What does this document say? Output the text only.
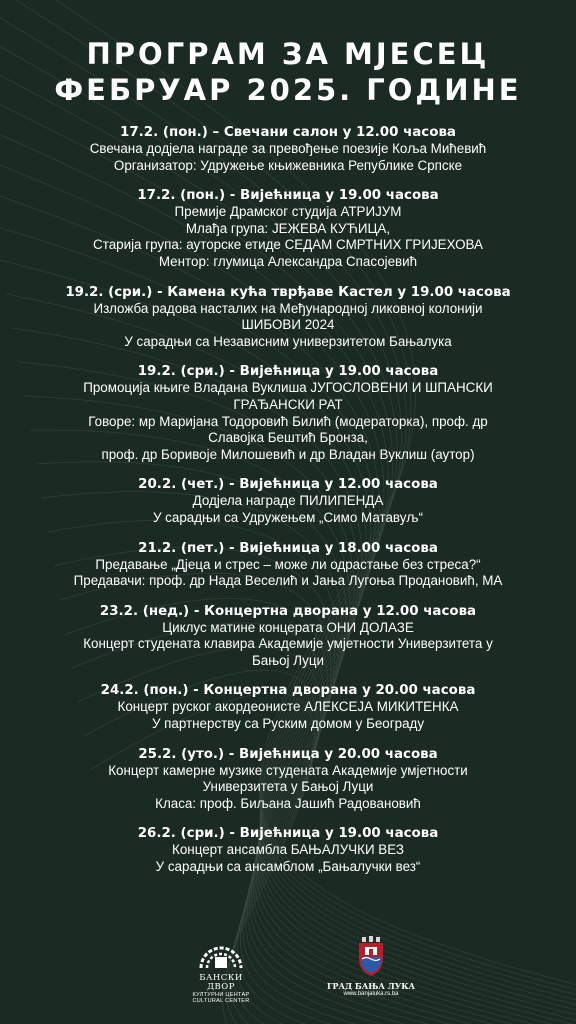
ПРОГРАМ ЗА МЈЕСЕЦ
ФЕБРУАР 2025. ГОДИНЕ
17.2. (пон.) – Свечани салон у 12.00 часова
Свечана додјела награде за превођење поезије Коља Мићевић
Организатор: Удружење књижевника Републике Српске
17.2. (пон.) - Вијећница у 19.00 часова
Премијe Драмског студија АТРИЈУМ
Млађа група: ЈЕЖЕВА КУЋИЦА,
Старија група: ауторске етиде СЕДАМ СМРТНИХ ГРИЈЕХОВА
Ментор: глумица Александра Спасојевић
19.2. (сри.) - Камена кућа тврђаве Кастел у 19.00 часова
Изложба радова насталих на Међународној ликовној колонији
ШИБОВИ 2024
У сарадњи са Независним универзитетом Бањалука
19.2. (сри.) - Вијећница у 19.00 часова
Промоција књиге Владана Вуклиша ЈУГОСЛОВЕНИ И ШПАНСКИ
ГРАЂАНСКИ РАТ
Говоре: мр Маријана Тодоровић Билић (модераторка), проф. др
Славојка Бештић Бронза,
проф. др Боривоје Милошевић и др Владан Вуклиш (аутор)
20.2. (чет.) - Вијећница у 12.00 часова
Додјела награде ПИЛИПЕНДА
У сарадњи са Удружењем „Симо Матавуљ“
21.2. (пет.) - Вијећница у 18.00 часова
Предавање „Дјеца и стрес – може ли одрастање без стреса?“
Предавачи: проф. др Нада Веселић и Јања Лугоња Продановић, МА
23.2. (нед.) - Концертна дворана у 12.00 часова
Циклус матине концерата ОНИ ДОЛАЗЕ
Концерт студената клавира Академије умјетности Универзитета у
Бањој Луци
24.2. (пон.) - Концертна дворана у 20.00 часова
Концерт руског акордеонисте АЛЕКСЕЈА МИКИТЕНКА
У партнерству са Руским домом у Београду
25.2. (уто.) - Вијећница у 20.00 часова
Концерт камерне музике студената Академије умјетности
Универзитета у Бањој Луци
Класа: проф. Биљана Јашић Радовановић
26.2. (сри.) - Вијећница у 19.00 часова
Концерт ансамбла БАЊАЛУЧКИ ВЕЗ
У сарадњи са ансамблом „Бањалучки вез“
БАНСКИ ДВОР
КУЛТУРНИ ЦЕНТАР
CULTURAL CENTER
ГРАД БАЊА ЛУКА
www.banjaluka.rs.ba
